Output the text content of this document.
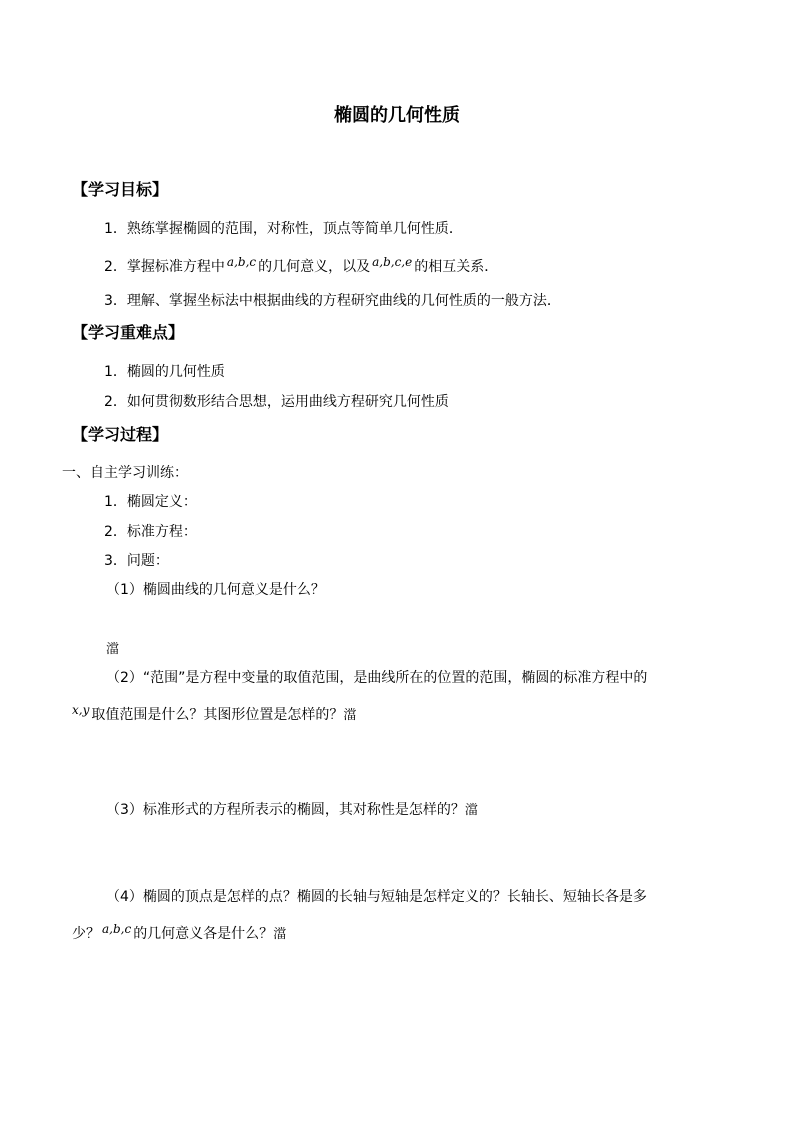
椭圆的几何性质
【学习目标】
1．熟练掌握椭圆的范围，对称性，顶点等简单几何性质．
2．掌握标准方程中 a,b,c 的几何意义，以及 a,b,c,e 的相互关系．
3．理解、掌握坐标法中根据曲线的方程研究曲线的几何性质的一般方法．
【学习重难点】
1．椭圆的几何性质
2．如何贯彻数形结合思想，运用曲线方程研究几何性质
【学习过程】
一、自主学习训练：
1．椭圆定义：
2．标准方程：
3．问题：
（1）椭圆曲线的几何意义是什么？
澢
（2）“范围”是方程中变量的取值范围，是曲线所在的位置的范围，椭圆的标准方程中的
x,y 取值范围是什么？其图形位置是怎样的？澢
（3）标准形式的方程所表示的椭圆，其对称性是怎样的？澢
（4）椭圆的顶点是怎样的点？椭圆的长轴与短轴是怎样定义的？长轴长、短轴长各是多
少？ a,b,c 的几何意义各是什么？澢
